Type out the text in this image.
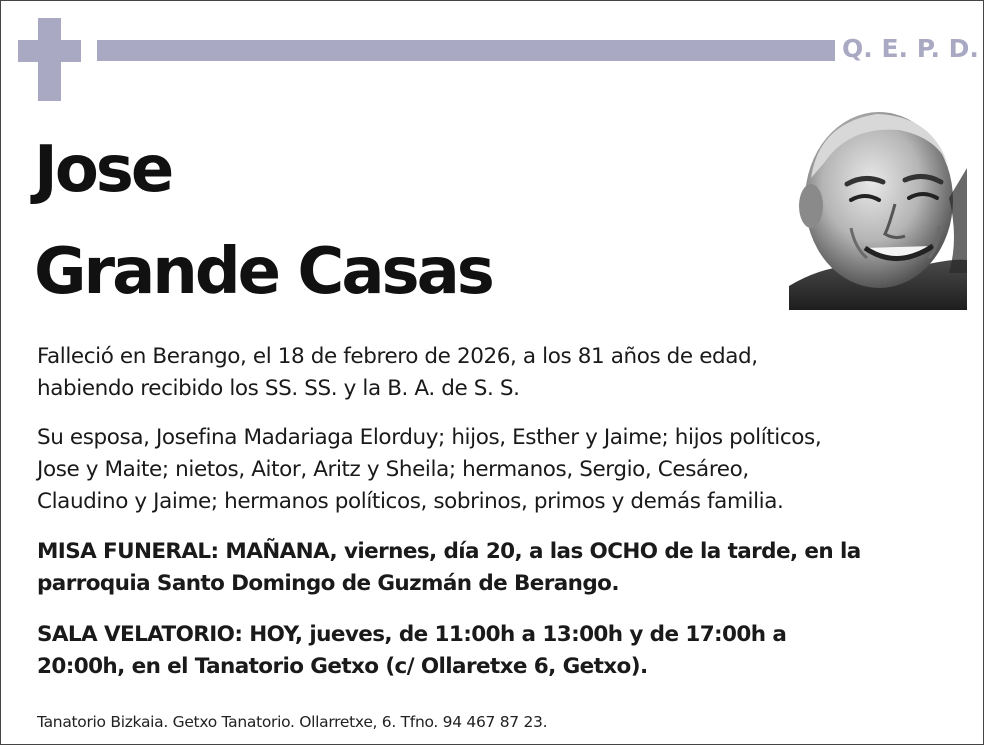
Q. E. P. D.
Jose
Grande Casas

Falleció en Berango, el 18 de febrero de 2026, a los 81 años de edad,
habiendo recibido los SS. SS. y la B. A. de S. S.

Su esposa, Josefina Madariaga Elorduy; hijos, Esther y Jaime; hijos políticos,
Jose y Maite; nietos, Aitor, Aritz y Sheila; hermanos, Sergio, Cesáreo,
Claudino y Jaime; hermanos políticos, sobrinos, primos y demás familia.

MISA FUNERAL: MAÑANA, viernes, día 20, a las OCHO de la tarde, en la
parroquia Santo Domingo de Guzmán de Berango.

SALA VELATORIO: HOY, jueves, de 11:00h a 13:00h y de 17:00h a
20:00h, en el Tanatorio Getxo (c/ Ollaretxe 6, Getxo).

Tanatorio Bizkaia. Getxo Tanatorio. Ollarretxe, 6. Tfno. 94 467 87 23.
